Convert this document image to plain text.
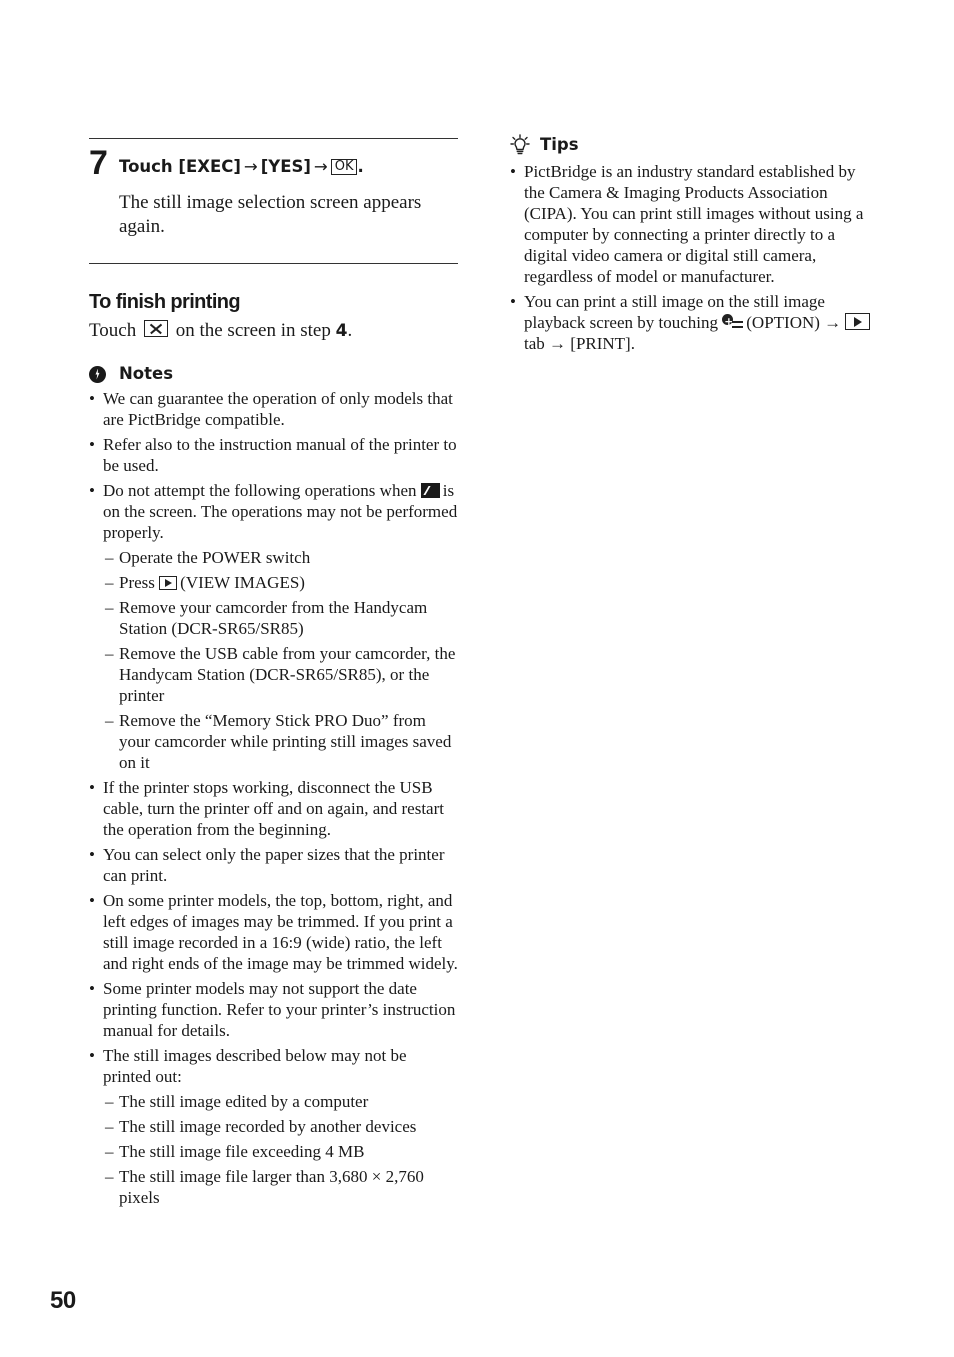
7 Touch [EXEC] → [YES] → OK .
The still image selection screen appears again.
To finish printing
Touch on the screen in step 4.
Notes
• We can guarantee the operation of only models that are PictBridge compatible.
• Refer also to the instruction manual of the printer to be used.
• Do not attempt the following operations when is on the screen. The operations may not be performed properly.
– Operate the POWER switch
– Press (VIEW IMAGES)
– Remove your camcorder from the Handycam Station (DCR-SR65/SR85)
– Remove the USB cable from your camcorder, the Handycam Station (DCR-SR65/SR85), or the printer
– Remove the “Memory Stick PRO Duo” from your camcorder while printing still images saved on it
• If the printer stops working, disconnect the USB cable, turn the printer off and on again, and restart the operation from the beginning.
• You can select only the paper sizes that the printer can print.
• On some printer models, the top, bottom, right, and left edges of images may be trimmed. If you print a still image recorded in a 16:9 (wide) ratio, the left and right ends of the image may be trimmed widely.
• Some printer models may not support the date printing function. Refer to your printer’s instruction manual for details.
• The still images described below may not be printed out:
– The still image edited by a computer
– The still image recorded by another devices
– The still image file exceeding 4 MB
– The still image file larger than 3,680 × 2,760 pixels
Tips
• PictBridge is an industry standard established by the Camera & Imaging Products Association (CIPA). You can print still images without using a computer by connecting a printer directly to a digital video camera or digital still camera, regardless of model or manufacturer.
• You can print a still image on the still image playback screen by touching
+ (OPTION) →  tab → [PRINT].
50
